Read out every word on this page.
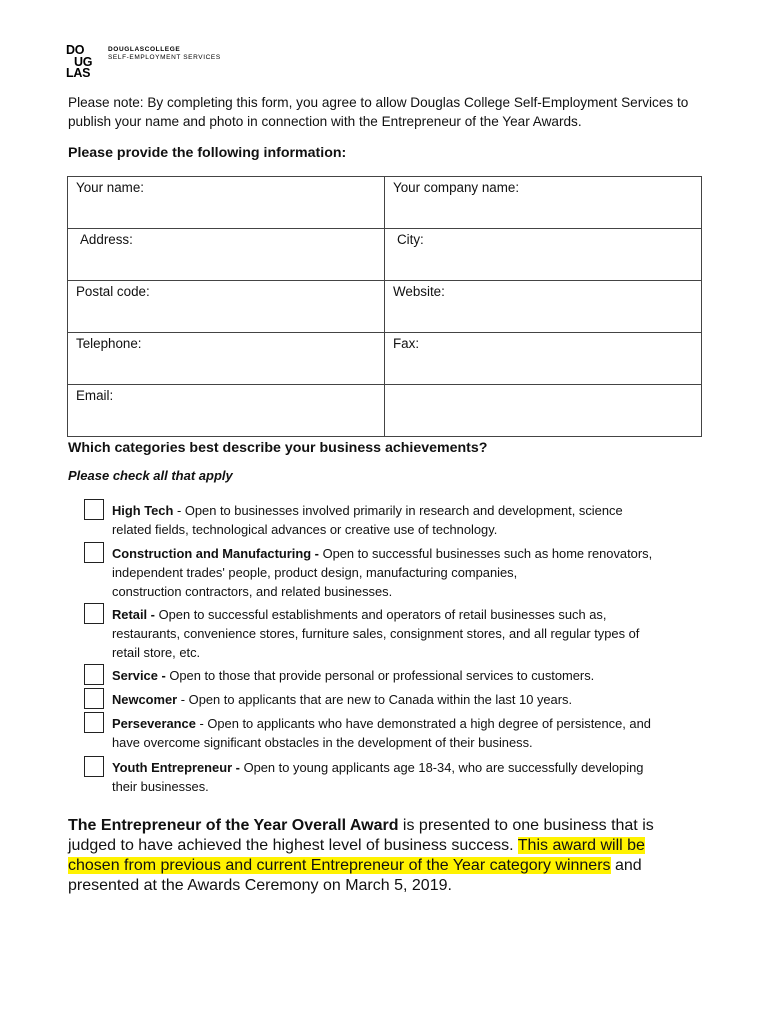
DO
UG
LAS
DOUGLASCOLLEGE
SELF-EMPLOYMENT SERVICES
Please note: By completing this form, you agree to allow Douglas College Self-Employment Services to publish your name and photo in connection with the Entrepreneur of the Year Awards.
Please provide the following information:
Your name:	Your company name:
Address:	City:
Postal code:	Website:
Telephone:	Fax:
Email:	
Which categories best describe your business achievements?
Please check all that apply
High Tech - Open to businesses involved primarily in research and development, science
related fields, technological advances or creative use of technology.
Construction and Manufacturing - Open to successful businesses such as home renovators,
independent trades' people, product design, manufacturing companies,
construction contractors, and related businesses.
Retail - Open to successful establishments and operators of retail businesses such as,
restaurants, convenience stores, furniture sales, consignment stores, and all regular types of
retail store, etc.
Service - Open to those that provide personal or professional services to customers.
Newcomer - Open to applicants that are new to Canada within the last 10 years.
Perseverance - Open to applicants who have demonstrated a high degree of persistence, and
have overcome significant obstacles in the development of their business.
Youth Entrepreneur - Open to young applicants age 18-34, who are successfully developing
their businesses.
The Entrepreneur of the Year Overall Award is presented to one business that is judged to have achieved the highest level of business success. This award will be chosen from previous and current Entrepreneur of the Year category winners and presented at the Awards Ceremony on March 5, 2019.
